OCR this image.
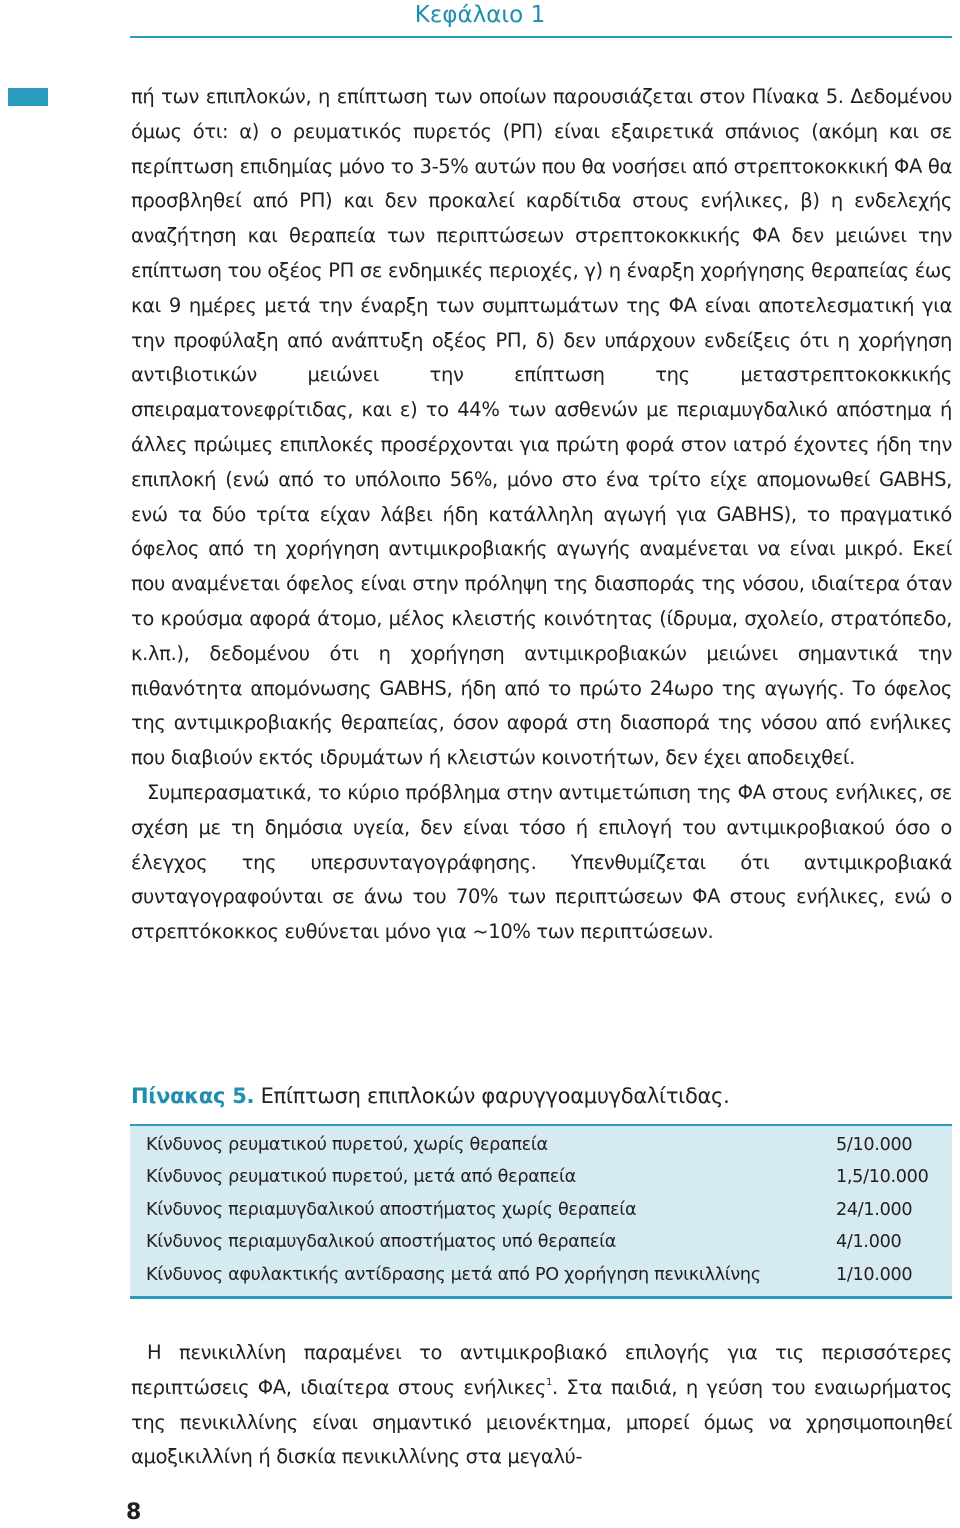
Κεφάλαιο 1

πή των επιπλοκών, η επίπτωση των οποίων παρουσιάζεται στον Πίνακα 5. Δεδομένου όμως ότι: α) ο ρευματικός πυρετός (ΡΠ) είναι εξαιρετικά σπάνιος (ακόμη και σε περίπτωση επιδημίας μόνο το 3-5% αυτών που θα νοσήσει από στρεπτοκοκκική ΦΑ θα προσβληθεί από ΡΠ) και δεν προκαλεί καρδίτιδα στους ενήλικες, β) η ενδελεχής αναζήτηση και θεραπεία των περιπτώσεων στρεπτοκοκκικής ΦΑ δεν μειώνει την επίπτωση του οξέος ΡΠ σε ενδημικές περιοχές, γ) η έναρξη χορήγησης θεραπείας έως και 9 ημέρες μετά την έναρξη των συμπτωμάτων της ΦΑ είναι αποτελεσματική για την προφύλαξη από ανάπτυξη οξέος ΡΠ, δ) δεν υπάρχουν ενδείξεις ότι η χορήγηση αντιβιοτικών μειώνει την επίπτωση της μεταστρεπτοκοκκικής σπειραματονεφρίτιδας, και ε) το 44% των ασθενών με περιαμυγδαλικό απόστημα ή άλλες πρώιμες επιπλοκές προσέρχονται για πρώτη φορά στον ιατρό έχοντες ήδη την επιπλοκή (ενώ από το υπόλοιπο 56%, μόνο στο ένα τρίτο είχε απομονωθεί GABHS, ενώ τα δύο τρίτα είχαν λάβει ήδη κατάλληλη αγωγή για GABHS), το πραγματικό όφελος από τη χορήγηση αντιμικροβιακής αγωγής αναμένεται να είναι μικρό. Εκεί που αναμένεται όφελος είναι στην πρόληψη της διασποράς της νόσου, ιδιαίτερα όταν το κρούσμα αφορά άτομο, μέλος κλειστής κοινότητας (ίδρυμα, σχολείο, στρατόπεδο, κ.λπ.), δεδομένου ότι η χορήγηση αντιμικροβιακών μειώνει σημαντικά την πιθανότητα απομόνωσης GABHS, ήδη από το πρώτο 24ωρο της αγωγής. Το όφελος της αντιμικροβιακής θεραπείας, όσον αφορά στη διασπορά της νόσου από ενήλικες που διαβιούν εκτός ιδρυμάτων ή κλειστών κοινοτήτων, δεν έχει αποδειχθεί.

Συμπερασματικά, το κύριο πρόβλημα στην αντιμετώπιση της ΦΑ στους ενήλικες, σε σχέση με τη δημόσια υγεία, δεν είναι τόσο ή επιλογή του αντιμικροβιακού όσο ο έλεγχος της υπερσυνταγογράφησης. Υπενθυμίζεται ότι αντιμικροβιακά συνταγογραφούνται σε άνω του 70% των περιπτώσεων ΦΑ στους ενήλικες, ενώ ο στρεπτόκοκκος ευθύνεται μόνο για ~10% των περιπτώσεων.

Πίνακας 5. Επίπτωση επιπλοκών φαρυγγοαμυγδαλίτιδας.
Κίνδυνος ρευματικού πυρετού, χωρίς θεραπεία	5/10.000
Κίνδυνος ρευματικού πυρετού, μετά από θεραπεία	1,5/10.000
Κίνδυνος περιαμυγδαλικού αποστήματος χωρίς θεραπεία	24/1.000
Κίνδυνος περιαμυγδαλικού αποστήματος υπό θεραπεία	4/1.000
Κίνδυνος αφυλακτικής αντίδρασης μετά από ΡΟ χορήγηση πενικιλλίνης	1/10.000

Η πενικιλλίνη παραμένει το αντιμικροβιακό επιλογής για τις περισσότερες περιπτώσεις ΦΑ, ιδιαίτερα στους ενήλικες$^1$. Στα παιδιά, η γεύση του εναιωρήματος της πενικιλλίνης είναι σημαντικό μειονέκτημα, μπορεί όμως να χρησιμοποιηθεί αμοξικιλλίνη ή δισκία πενικιλλίνης στα μεγαλύ-

8
